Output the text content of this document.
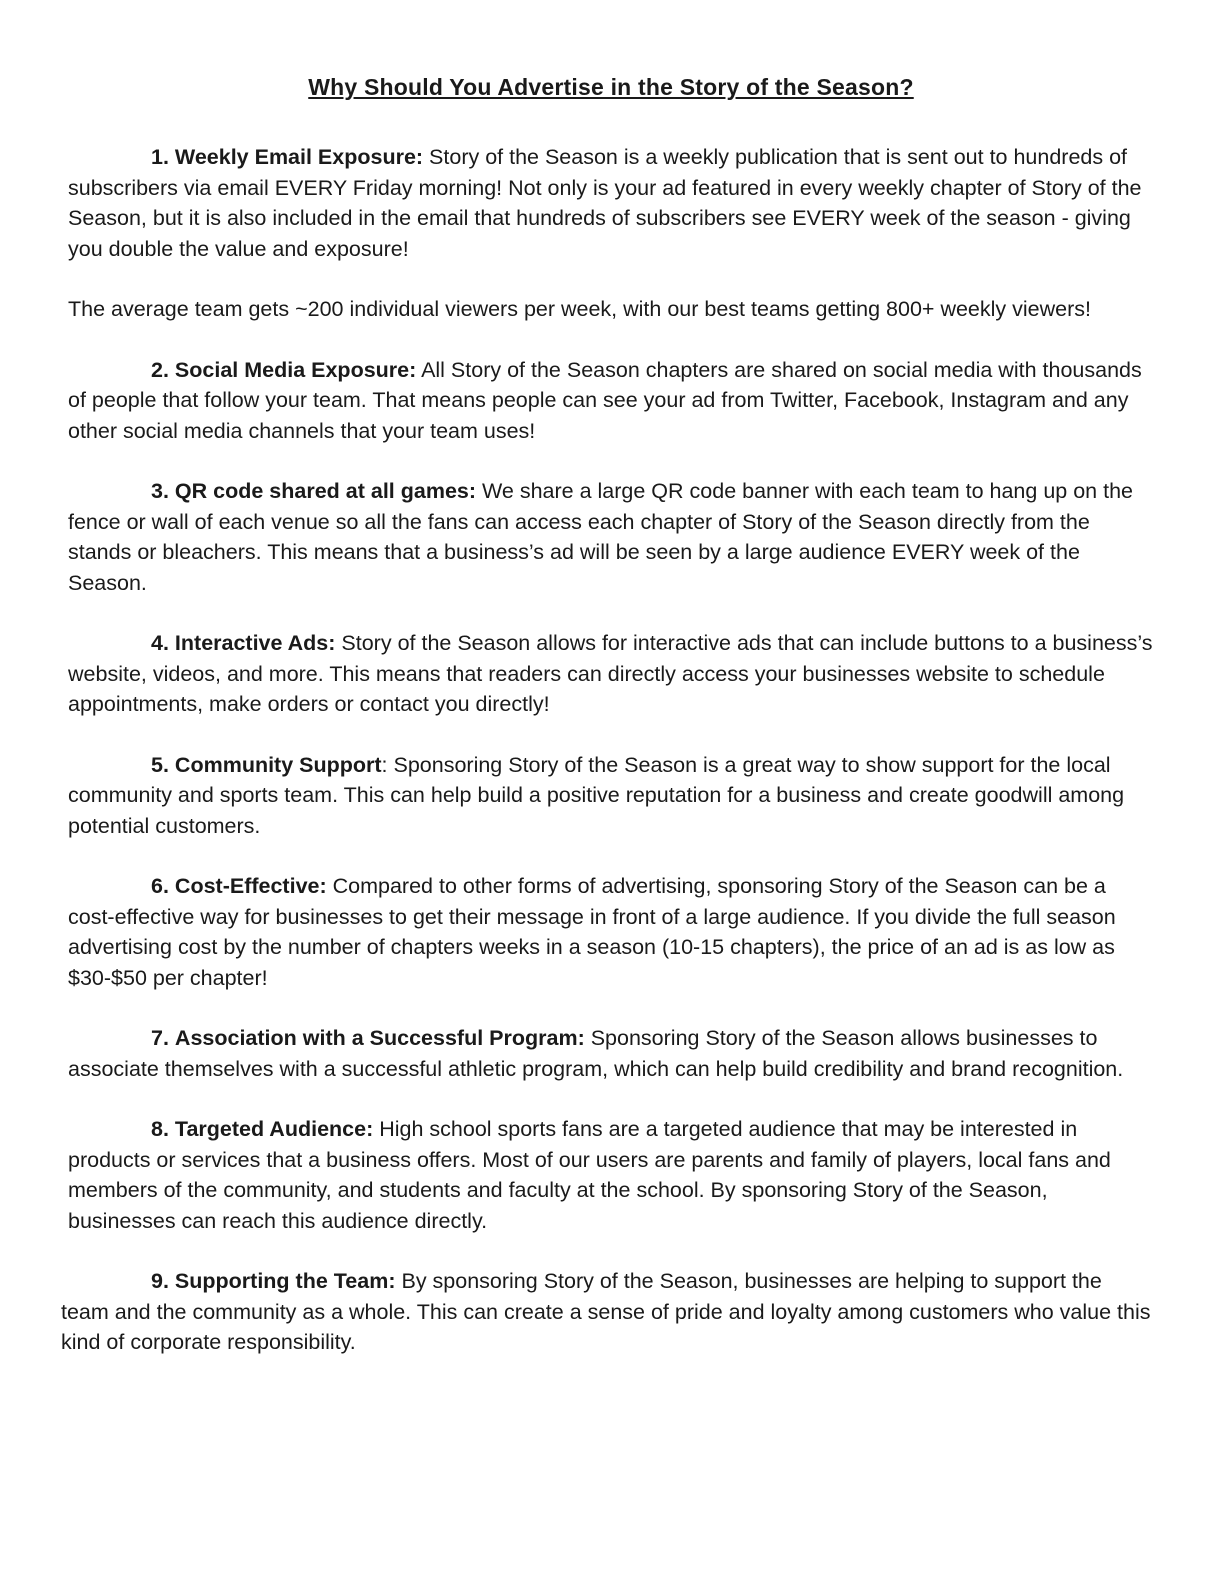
Why Should You Advertise in the Story of the Season?

1. Weekly Email Exposure: Story of the Season is a weekly publication that is sent out to hundreds of subscribers via email EVERY Friday morning! Not only is your ad featured in every weekly chapter of Story of the Season, but it is also included in the email that hundreds of subscribers see EVERY week of the season - giving you double the value and exposure!

The average team gets ~200 individual viewers per week, with our best teams getting 800+ weekly viewers!

2. Social Media Exposure: All Story of the Season chapters are shared on social media with thousands of people that follow your team. That means people can see your ad from Twitter, Facebook, Instagram and any other social media channels that your team uses!

3. QR code shared at all games: We share a large QR code banner with each team to hang up on the fence or wall of each venue so all the fans can access each chapter of Story of the Season directly from the stands or bleachers. This means that a business’s ad will be seen by a large audience EVERY week of the Season.

4. Interactive Ads: Story of the Season allows for interactive ads that can include buttons to a business’s website, videos, and more. This means that readers can directly access your businesses website to schedule appointments, make orders or contact you directly!

5. Community Support: Sponsoring Story of the Season is a great way to show support for the local community and sports team. This can help build a positive reputation for a business and create goodwill among potential customers.

6. Cost-Effective: Compared to other forms of advertising, sponsoring Story of the Season can be a cost-effective way for businesses to get their message in front of a large audience. If you divide the full season advertising cost by the number of chapters weeks in a season (10-15 chapters), the price of an ad is as low as $30-$50 per chapter!

7. Association with a Successful Program: Sponsoring Story of the Season allows businesses to associate themselves with a successful athletic program, which can help build credibility and brand recognition.

8. Targeted Audience: High school sports fans are a targeted audience that may be interested in products or services that a business offers. Most of our users are parents and family of players, local fans and members of the community, and students and faculty at the school. By sponsoring Story of the Season, businesses can reach this audience directly.

9. Supporting the Team: By sponsoring Story of the Season, businesses are helping to support the team and the community as a whole. This can create a sense of pride and loyalty among customers who value this kind of corporate responsibility.
